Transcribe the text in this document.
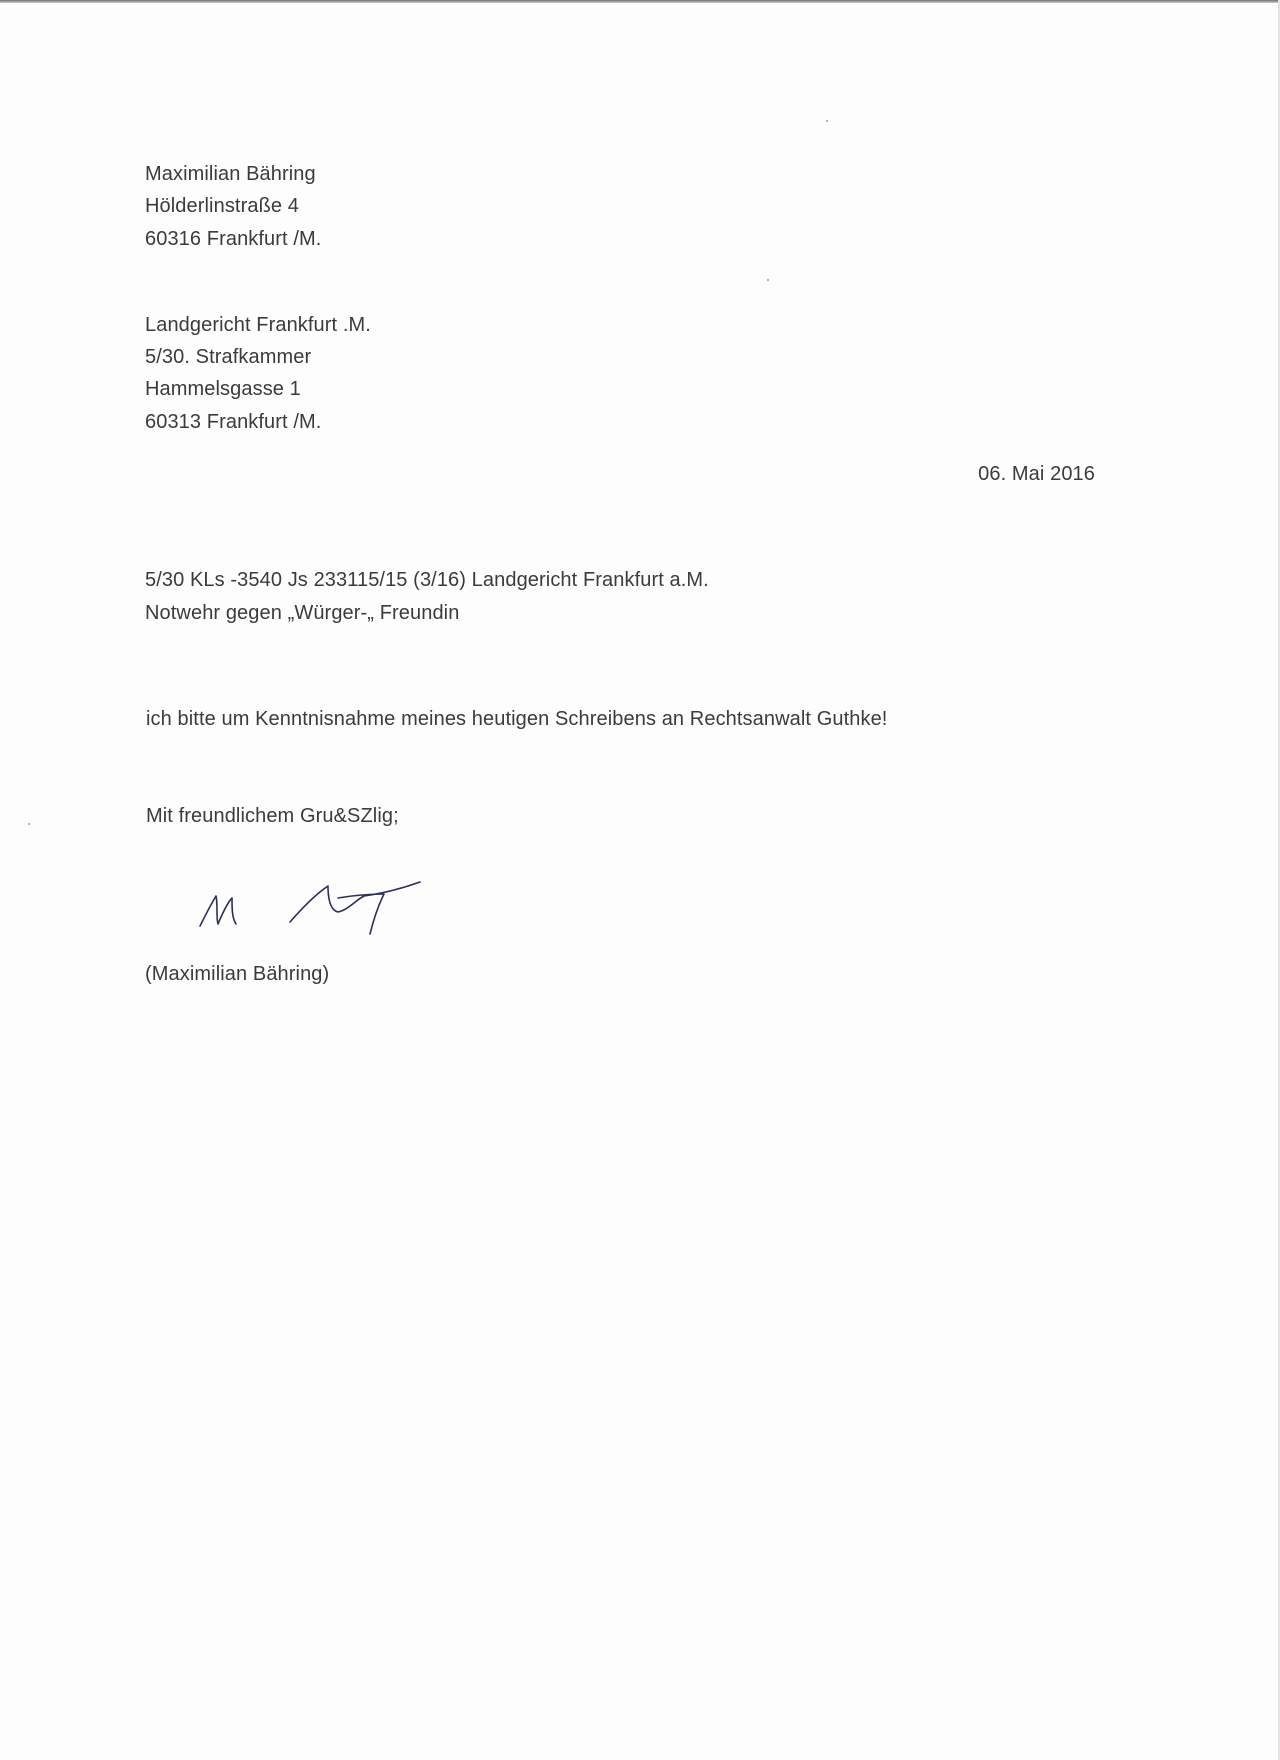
Maximilian Bähring
Hölderlinstraße 4
60316 Frankfurt /M.
Landgericht Frankfurt .M.
5/30. Strafkammer
Hammelsgasse 1
60313 Frankfurt /M.
06. Mai 2016
5/30 KLs -3540 Js 233115/15 (3/16) Landgericht Frankfurt a.M.
Notwehr gegen „Würger-„ Freundin
ich bitte um Kenntnisnahme meines heutigen Schreibens an Rechtsanwalt Guthke!
Mit freundlichem Gru&SZlig;
(Maximilian Bähring)
